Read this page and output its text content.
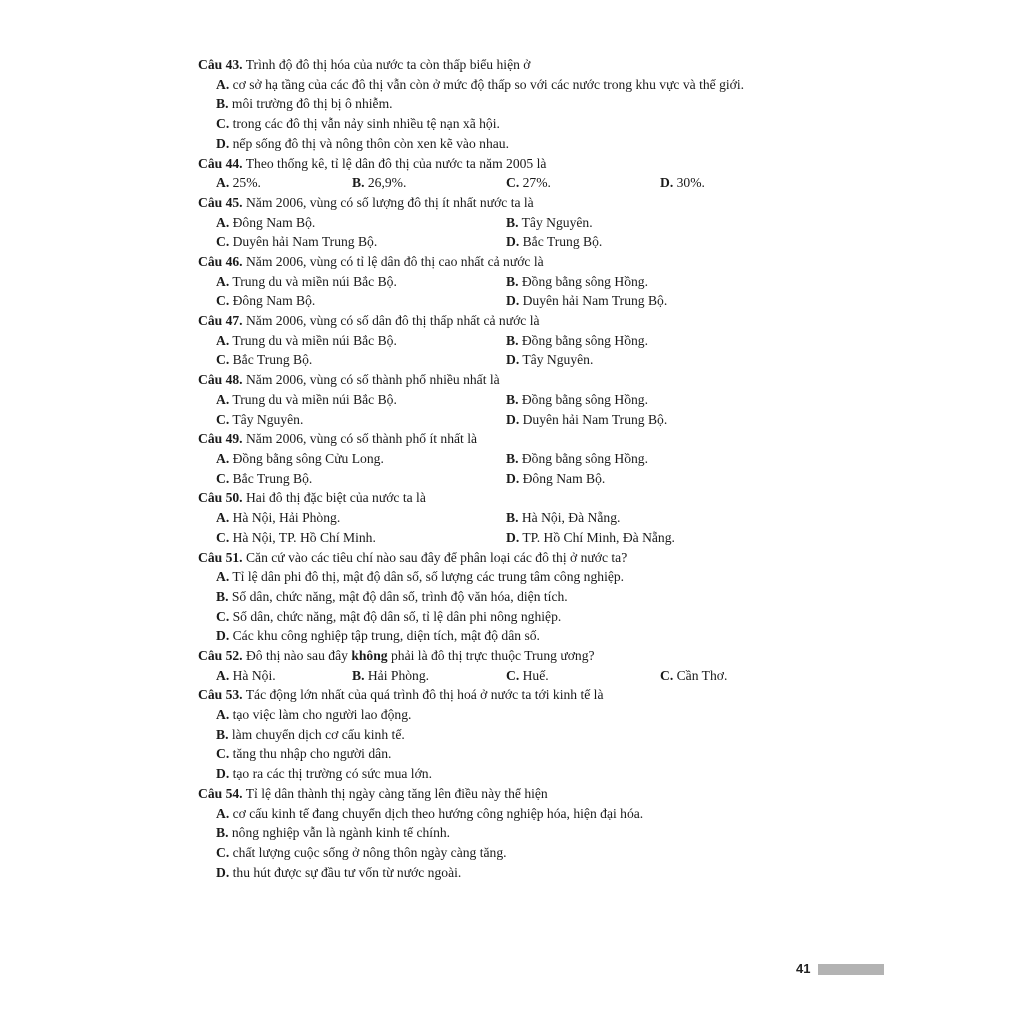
Câu 43. Trình độ đô thị hóa của nước ta còn thấp biểu hiện ở
A. cơ sở hạ tầng của các đô thị vẫn còn ở mức độ thấp so với các nước trong khu vực và thế giới.
B. môi trường đô thị bị ô nhiễm.
C. trong các đô thị vẫn nảy sinh nhiều tệ nạn xã hội.
D. nếp sống đô thị và nông thôn còn xen kẽ vào nhau.
Câu 44. Theo thống kê, tỉ lệ dân đô thị của nước ta năm 2005 là
A. 25%.	B. 26,9%.	C. 27%.	D. 30%.
Câu 45. Năm 2006, vùng có số lượng đô thị ít nhất nước ta là
A. Đông Nam Bộ.	B. Tây Nguyên.
C. Duyên hải Nam Trung Bộ.	D. Bắc Trung Bộ.
Câu 46. Năm 2006, vùng có tỉ lệ dân đô thị cao nhất cả nước là
A. Trung du và miền núi Bắc Bộ.	B. Đồng bằng sông Hồng.
C. Đông Nam Bộ.	D. Duyên hải Nam Trung Bộ.
Câu 47. Năm 2006, vùng có số dân đô thị thấp nhất cả nước là
A. Trung du và miền núi Bắc Bộ.	B. Đồng bằng sông Hồng.
C. Bắc Trung Bộ.	D. Tây Nguyên.
Câu 48. Năm 2006, vùng có số thành phố nhiều nhất là
A. Trung du và miền núi Bắc Bộ.	B. Đồng bằng sông Hồng.
C. Tây Nguyên.	D. Duyên hải Nam Trung Bộ.
Câu 49. Năm 2006, vùng có số thành phố ít nhất là
A. Đồng bằng sông Cửu Long.	B. Đồng bằng sông Hồng.
C. Bắc Trung Bộ.	D. Đông Nam Bộ.
Câu 50. Hai đô thị đặc biệt của nước ta là
A. Hà Nội, Hải Phòng.	B. Hà Nội, Đà Nẵng.
C. Hà Nội, TP. Hồ Chí Minh.	D. TP. Hồ Chí Minh, Đà Nẵng.
Câu 51. Căn cứ vào các tiêu chí nào sau đây để phân loại các đô thị ở nước ta?
A. Tỉ lệ dân phi đô thị, mật độ dân số, số lượng các trung tâm công nghiệp.
B. Số dân, chức năng, mật độ dân số, trình độ văn hóa, diện tích.
C. Số dân, chức năng, mật độ dân số, tỉ lệ dân phi nông nghiệp.
D. Các khu công nghiệp tập trung, diện tích, mật độ dân số.
Câu 52. Đô thị nào sau đây không phải là đô thị trực thuộc Trung ương?
A. Hà Nội.	B. Hải Phòng.	C. Huế.	C. Cần Thơ.
Câu 53. Tác động lớn nhất của quá trình đô thị hoá ở nước ta tới kinh tế là
A. tạo việc làm cho người lao động.
B. làm chuyển dịch cơ cấu kinh tế.
C. tăng thu nhập cho người dân.
D. tạo ra các thị trường có sức mua lớn.
Câu 54. Tỉ lệ dân thành thị ngày càng tăng lên điều này thể hiện
A. cơ cấu kinh tế đang chuyển dịch theo hướng công nghiệp hóa, hiện đại hóa.
B. nông nghiệp vẫn là ngành kinh tế chính.
C. chất lượng cuộc sống ở nông thôn ngày càng tăng.
D. thu hút được sự đầu tư vốn từ nước ngoài.
41
